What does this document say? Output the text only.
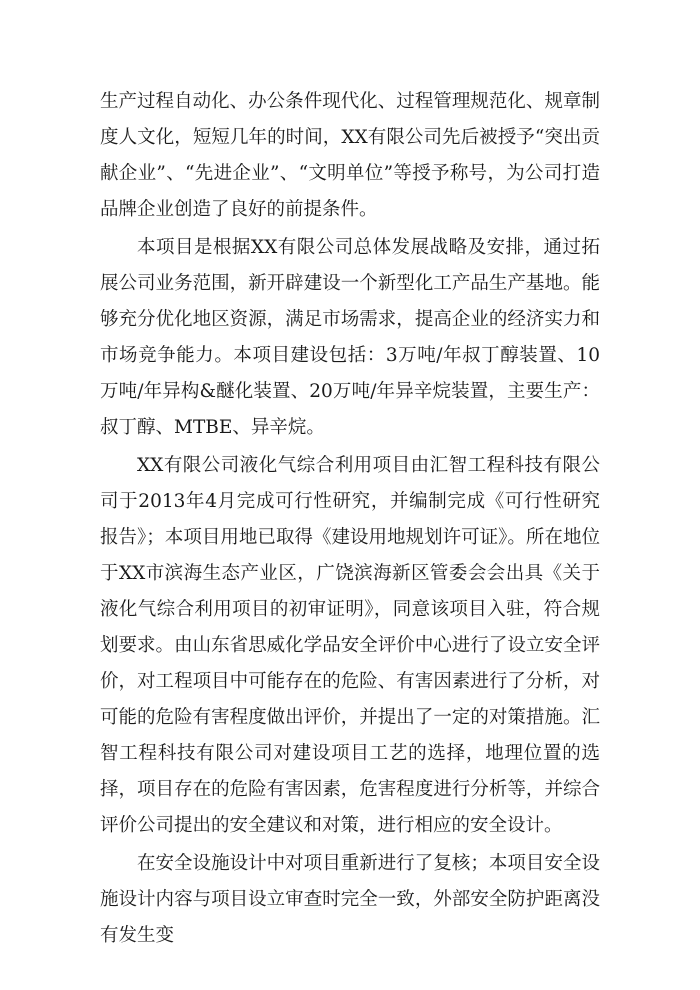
生产过程自动化、办公条件现代化、过程管理规范化、规章制度人文化，短短几年的时间，XX有限公司先后被授予“突出贡献企业”、“先进企业”、“文明单位”等授予称号，为公司打造品牌企业创造了良好的前提条件。

本项目是根据XX有限公司总体发展战略及安排，通过拓展公司业务范围，新开辟建设一个新型化工产品生产基地。能够充分优化地区资源，满足市场需求，提高企业的经济实力和市场竞争能力。本项目建设包括：3万吨/年叔丁醇装置、10万吨/年异构&醚化装置、20万吨/年异辛烷装置，主要生产：叔丁醇、MTBE、异辛烷。

XX有限公司液化气综合利用项目由汇智工程科技有限公司于2013年4月完成可行性研究，并编制完成《可行性研究报告》；本项目用地已取得《建设用地规划许可证》。所在地位于XX市滨海生态产业区，广饶滨海新区管委会会出具《关于液化气综合利用项目的初审证明》，同意该项目入驻，符合规划要求。由山东省思威化学品安全评价中心进行了设立安全评价，对工程项目中可能存在的危险、有害因素进行了分析，对可能的危险有害程度做出评价，并提出了一定的对策措施。汇智工程科技有限公司对建设项目工艺的选择，地理位置的选择，项目存在的危险有害因素，危害程度进行分析等，并综合评价公司提出的安全建议和对策，进行相应的安全设计。

在安全设施设计中对项目重新进行了复核；本项目安全设施设计内容与项目设立审查时完全一致，外部安全防护距离没有发生变
